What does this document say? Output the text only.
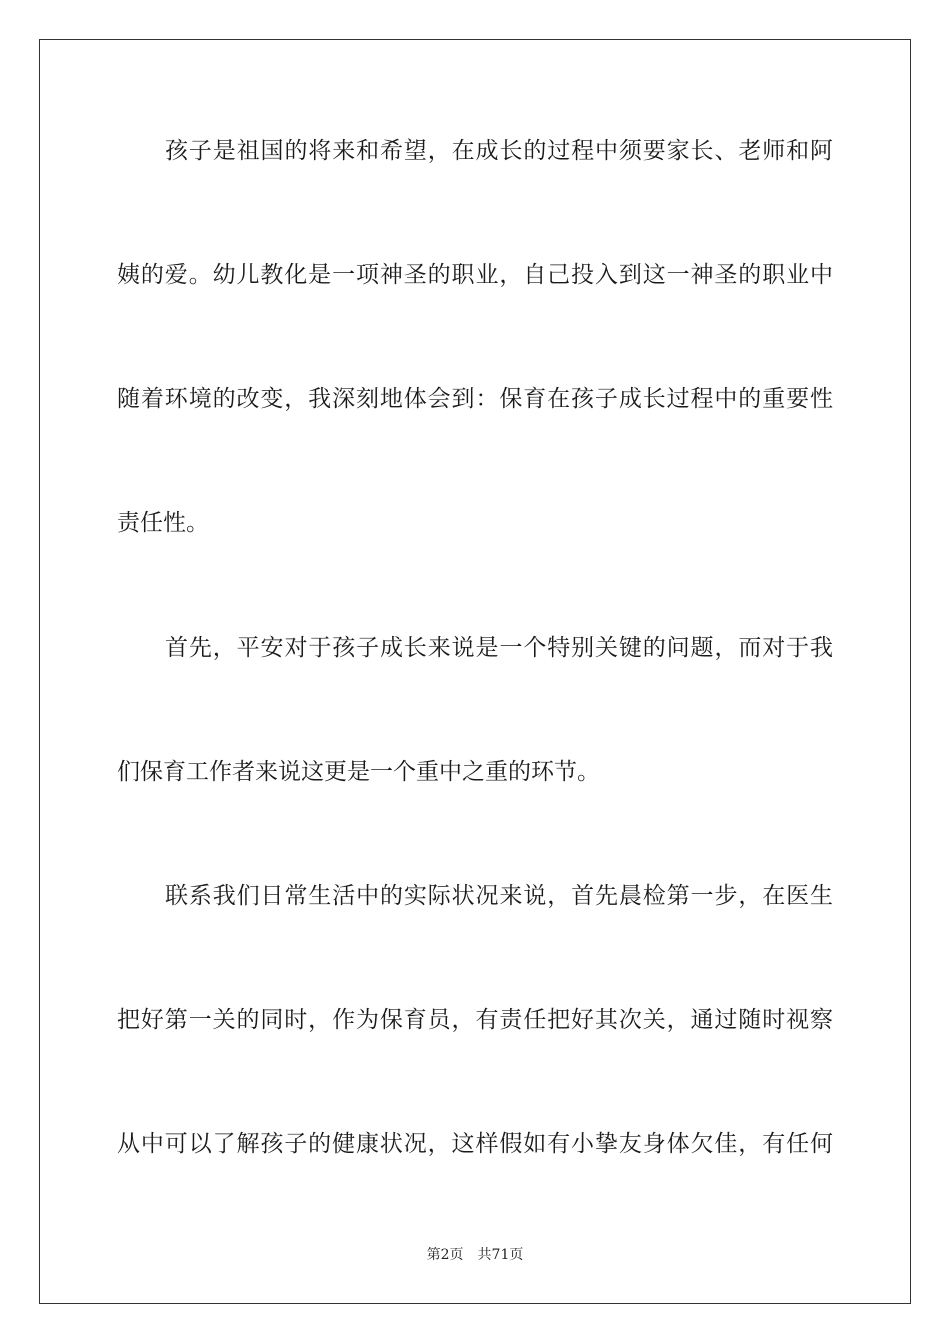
孩子是祖国的将来和希望，在成长的过程中须要家长、老师和阿
姨的爱。幼儿教化是一项神圣的职业，自己投入到这一神圣的职业中
随着环境的改变，我深刻地体会到：保育在孩子成长过程中的重要性
责任性。
首先，平安对于孩子成长来说是一个特别关键的问题，而对于我
们保育工作者来说这更是一个重中之重的环节。
联系我们日常生活中的实际状况来说，首先晨检第一步，在医生
把好第一关的同时，作为保育员，有责任把好其次关，通过随时视察
从中可以了解孩子的健康状况，这样假如有小挚友身体欠佳，有任何
第2页　共71页
